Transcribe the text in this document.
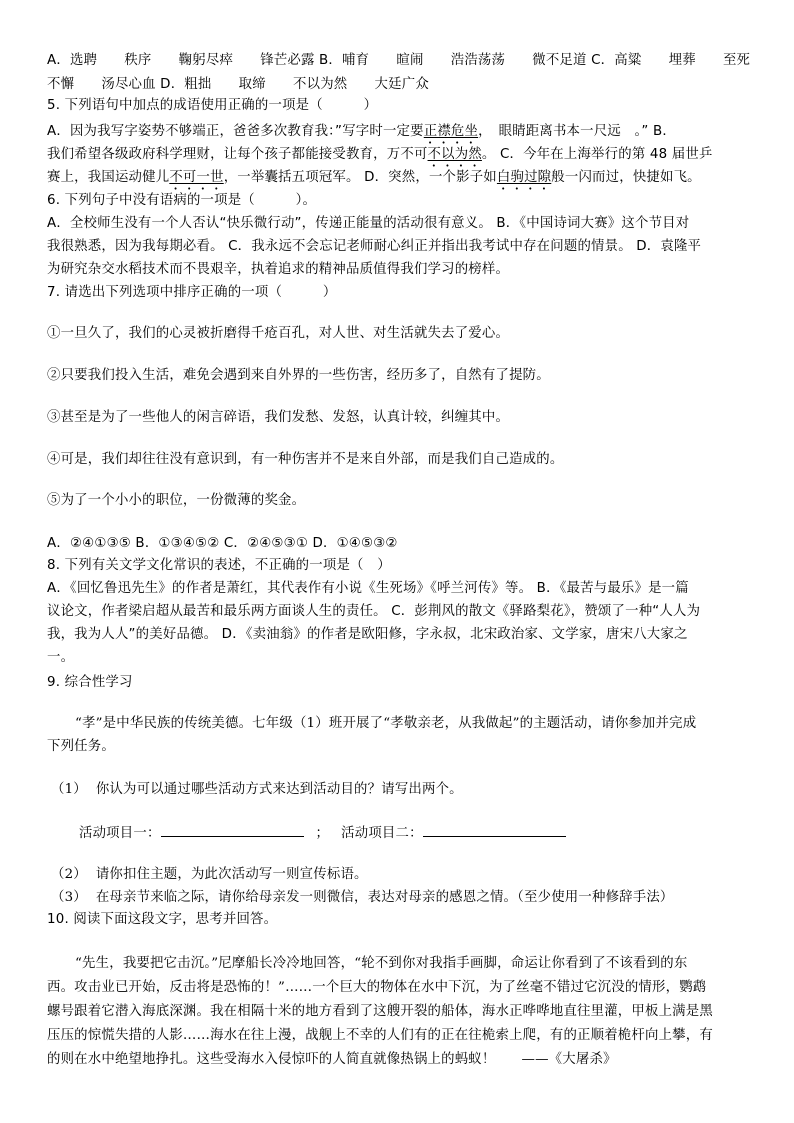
A．选聘　　秩序　　鞠躬尽瘁　　锋芒必露 B．哺育　　暄闹　　浩浩荡荡　　微不足道 C．高粱　　埋葬　　至死
不懈　　汤尽心血 D．粗拙　　取缔　　不以为然　　大廷广众
5. 下列语句中加点的成语使用正确的一项是（　　　）
A．因为我写字姿势不够端正，爸爸多次教育我：”写字时一定要正襟危坐，　眼睛距离书本一尺远　。” B．
我们希望各级政府科学理财，让每个孩子都能接受教育，万不可不以为然。 C．今年在上海举行的第 48 届世乒
赛上，我国运动健儿不可一世，一举囊括五项冠军。 D．突然，一个影子如白驹过隙般一闪而过，快捷如飞。
6. 下列句子中没有语病的一项是（　　　）。
A．全校师生没有一个人否认“快乐微行动”，传递正能量的活动很有意义。 B．《中国诗词大赛》这个节目对
我很熟悉，因为我每期必看。 C．我永远不会忘记老师耐心纠正并指出我考试中存在问题的情景。 D．袁隆平
为研究杂交水稻技术而不畏艰辛，执着追求的精神品质值得我们学习的榜样。
7. 请选出下列选项中排序正确的一项（　　　）
①一旦久了，我们的心灵被折磨得千疮百孔，对人世、对生活就失去了爱心。
②只要我们投入生活，难免会遇到来自外界的一些伤害，经历多了，自然有了提防。
③甚至是为了一些他人的闲言碎语，我们发愁、发怒，认真计较，纠缠其中。
④可是，我们却往往没有意识到，有一种伤害并不是来自外部，而是我们自己造成的。
⑤为了一个小小的职位，一份微薄的奖金。
A．②④①③⑤ B．①③④⑤② C．②④⑤③① D．①④⑤③②
8. 下列有关文学文化常识的表述，不正确的一项是（　）
A．《回忆鲁迅先生》的作者是萧红，其代表作有小说《生死场》《呼兰河传》等。 B．《最苦与最乐》是一篇
议论文，作者梁启超从最苦和最乐两方面谈人生的责任。 C．彭荆风的散文《驿路梨花》，赞颂了一种“人人为
我，我为人人”的美好品德。 D．《卖油翁》的作者是欧阳修，字永叔，北宋政治家、文学家，唐宋八大家之
一。
9. 综合性学习
“孝”是中华民族的传统美德。七年级（1）班开展了“孝敬亲老，从我做起”的主题活动，请你参加并完成
下列任务。
（1） 你认为可以通过哪些活动方式来达到活动目的？请写出两个。
活动项目一：	； 活动项目二：
（2） 请你扣住主题，为此次活动写一则宣传标语。
（3） 在母亲节来临之际，请你给母亲发一则微信，表达对母亲的感恩之情。（至少使用一种修辞手法）
10. 阅读下面这段文字，思考并回答。
“先生，我要把它击沉。”尼摩船长冷冷地回答，“轮不到你对我指手画脚，命运让你看到了不该看到的东
西。攻击业已开始，反击将是恐怖的！”……一个巨大的物体在水中下沉，为了丝毫不错过它沉没的情形，鹦鹉
螺号跟着它潜入海底深渊。我在相隔十米的地方看到了这艘开裂的船体，海水正哗哗地直往里灌，甲板上满是黑
压压的惊慌失措的人影……海水在往上漫，战舰上不幸的人们有的正在往桅索上爬，有的正顺着桅杆向上攀，有
的则在水中绝望地挣扎。这些受海水入侵惊吓的人简直就像热锅上的蚂蚁！ ——《大屠杀》
